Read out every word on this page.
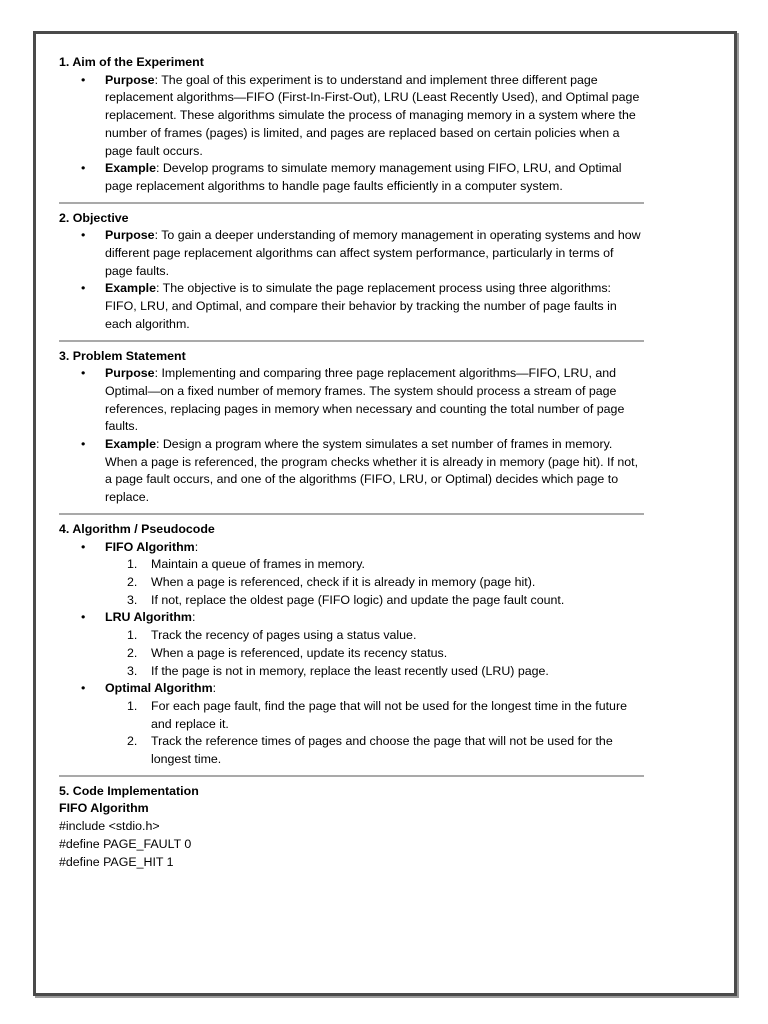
1. Aim of the Experiment
• Purpose: The goal of this experiment is to understand and implement three different page replacement algorithms—FIFO (First-In-First-Out), LRU (Least Recently Used), and Optimal page replacement. These algorithms simulate the process of managing memory in a system where the number of frames (pages) is limited, and pages are replaced based on certain policies when a page fault occurs.
• Example: Develop programs to simulate memory management using FIFO, LRU, and Optimal page replacement algorithms to handle page faults efficiently in a computer system.
2. Objective
• Purpose: To gain a deeper understanding of memory management in operating systems and how different page replacement algorithms can affect system performance, particularly in terms of page faults.
• Example: The objective is to simulate the page replacement process using three algorithms: FIFO, LRU, and Optimal, and compare their behavior by tracking the number of page faults in each algorithm.
3. Problem Statement
• Purpose: Implementing and comparing three page replacement algorithms—FIFO, LRU, and Optimal—on a fixed number of memory frames. The system should process a stream of page references, replacing pages in memory when necessary and counting the total number of page faults.
• Example: Design a program where the system simulates a set number of frames in memory. When a page is referenced, the program checks whether it is already in memory (page hit). If not, a page fault occurs, and one of the algorithms (FIFO, LRU, or Optimal) decides which page to replace.
4. Algorithm / Pseudocode
• FIFO Algorithm:
1. Maintain a queue of frames in memory.
2. When a page is referenced, check if it is already in memory (page hit).
3. If not, replace the oldest page (FIFO logic) and update the page fault count.
• LRU Algorithm:
1. Track the recency of pages using a status value.
2. When a page is referenced, update its recency status.
3. If the page is not in memory, replace the least recently used (LRU) page.
• Optimal Algorithm:
1. For each page fault, find the page that will not be used for the longest time in the future and replace it.
2. Track the reference times of pages and choose the page that will not be used for the longest time.
5. Code Implementation
FIFO Algorithm
#include <stdio.h>
#define PAGE_FAULT 0
#define PAGE_HIT 1
